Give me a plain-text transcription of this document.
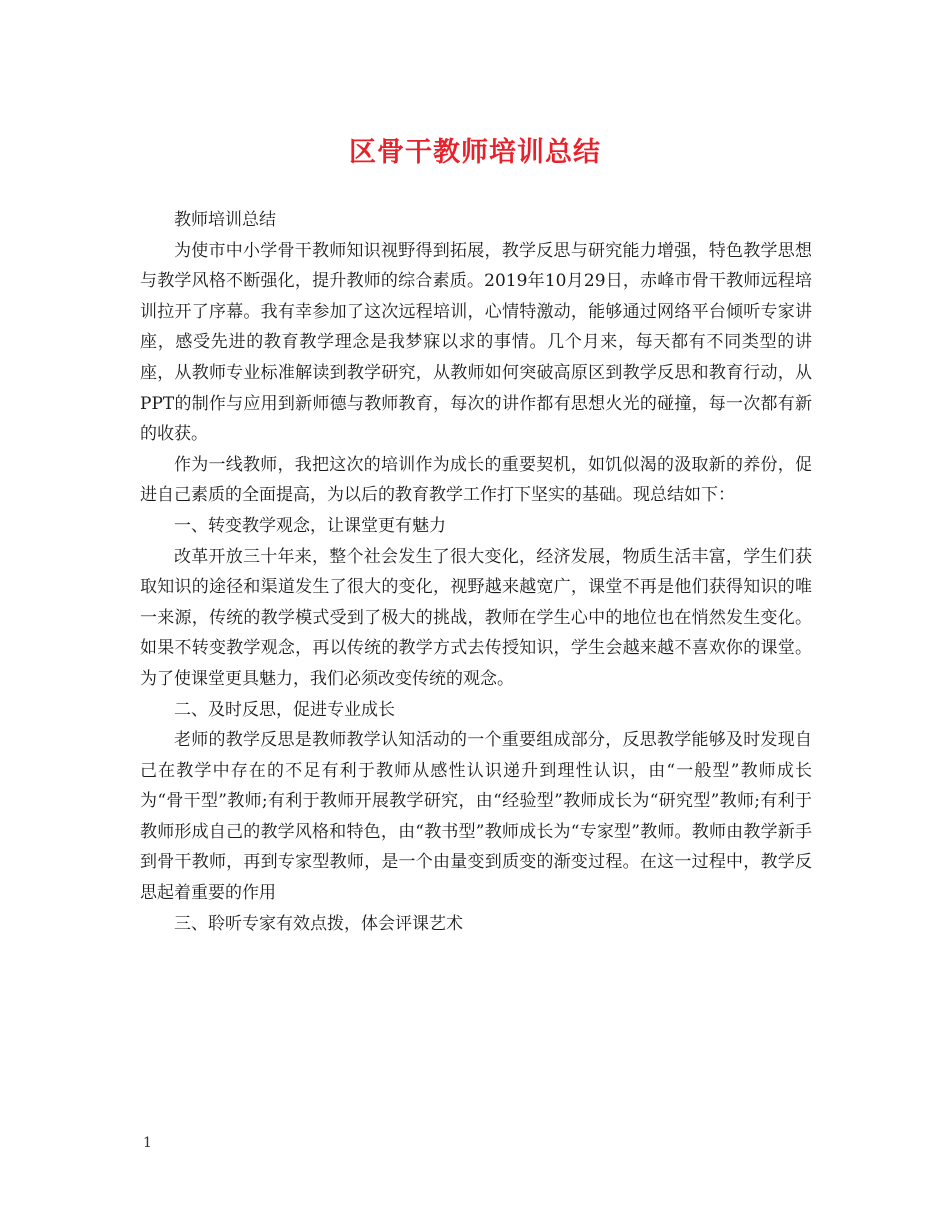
区骨干教师培训总结

教师培训总结

为使市中小学骨干教师知识视野得到拓展，教学反思与研究能力增强，特色教学思想与教学风格不断强化，提升教师的综合素质。2019年10月29日，赤峰市骨干教师远程培训拉开了序幕。我有幸参加了这次远程培训，心情特激动，能够通过网络平台倾听专家讲座，感受先进的教育教学理念是我梦寐以求的事情。几个月来，每天都有不同类型的讲座，从教师专业标准解读到教学研究，从教师如何突破高原区到教学反思和教育行动，从PPT的制作与应用到新师德与教师教育，每次的讲作都有思想火光的碰撞，每一次都有新的收获。

作为一线教师，我把这次的培训作为成长的重要契机，如饥似渴的汲取新的养份，促进自己素质的全面提高，为以后的教育教学工作打下坚实的基础。现总结如下：

一、转变教学观念，让课堂更有魅力

改革开放三十年来，整个社会发生了很大变化，经济发展，物质生活丰富，学生们获取知识的途径和渠道发生了很大的变化，视野越来越宽广，课堂不再是他们获得知识的唯一来源，传统的教学模式受到了极大的挑战，教师在学生心中的地位也在悄然发生变化。如果不转变教学观念，再以传统的教学方式去传授知识，学生会越来越不喜欢你的课堂。为了使课堂更具魅力，我们必须改变传统的观念。

二、及时反思，促进专业成长

老师的教学反思是教师教学认知活动的一个重要组成部分，反思教学能够及时发现自己在教学中存在的不足有利于教师从感性认识递升到理性认识，由“一般型”教师成长为“骨干型”教师;有利于教师开展教学研究，由“经验型”教师成长为“研究型”教师;有利于教师形成自己的教学风格和特色，由“教书型”教师成长为“专家型”教师。教师由教学新手到骨干教师，再到专家型教师，是一个由量变到质变的渐变过程。在这一过程中，教学反思起着重要的作用

三、聆听专家有效点拨，体会评课艺术

1
